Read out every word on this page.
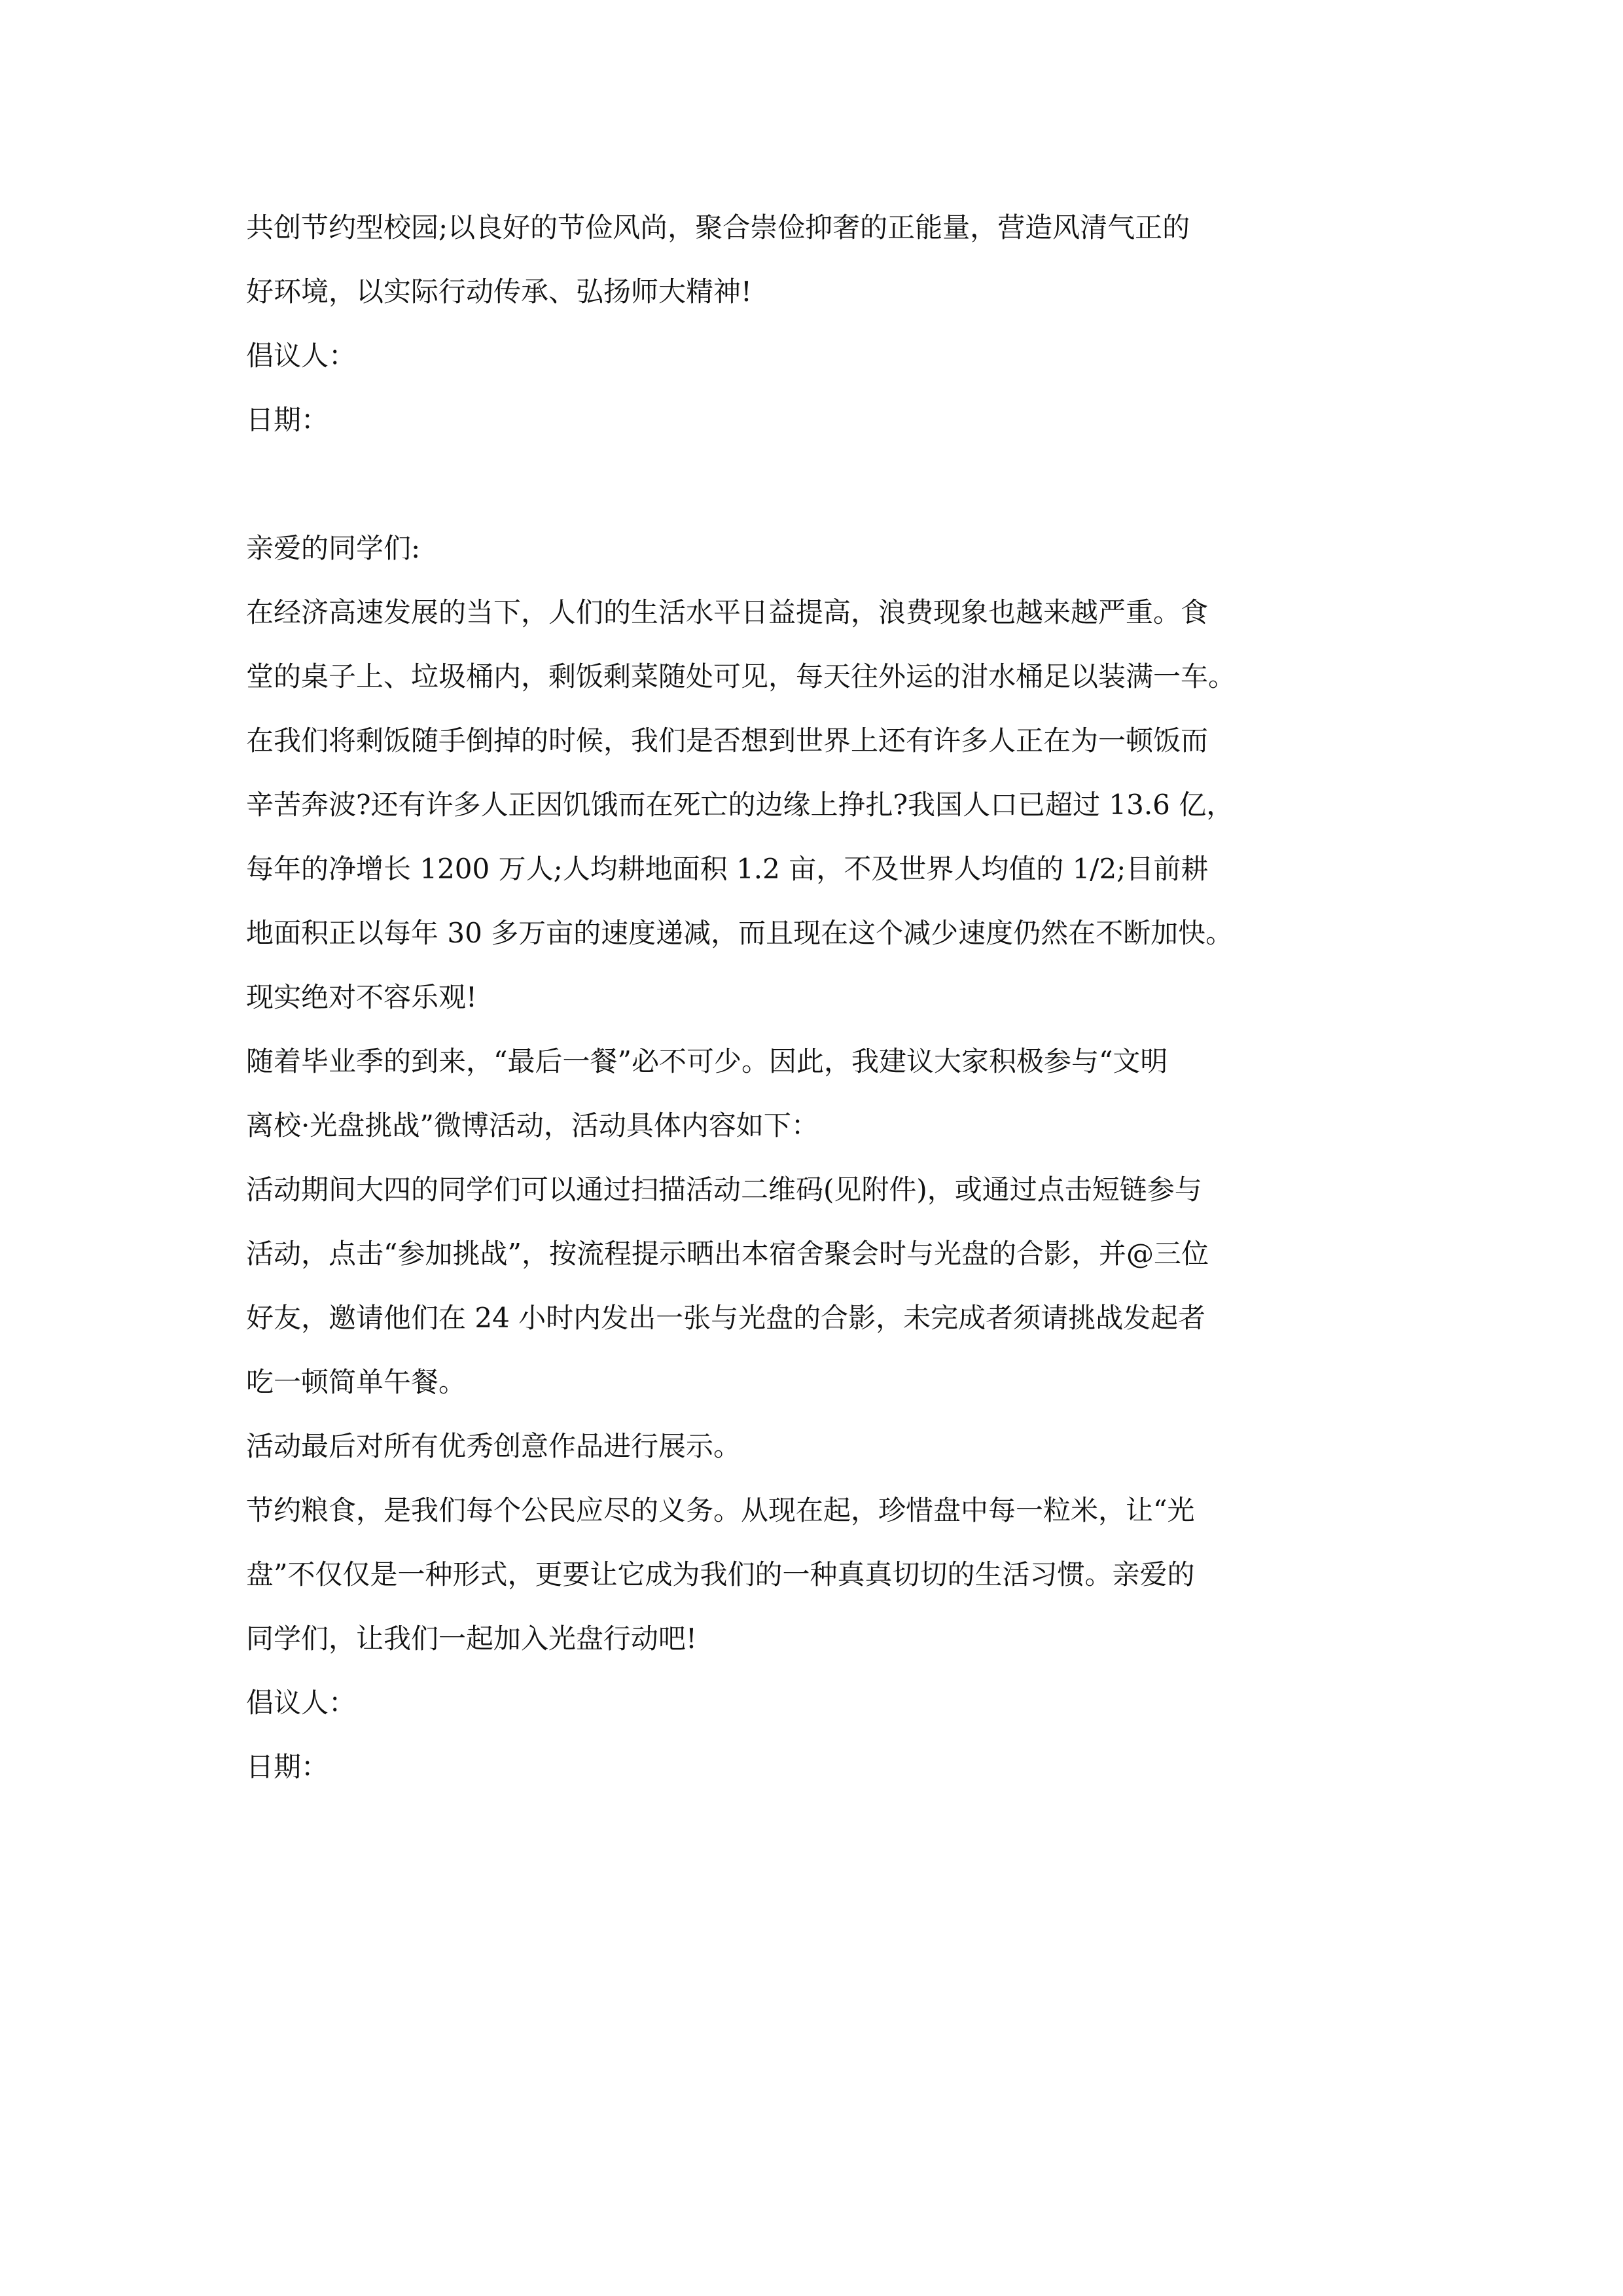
共创节约型校园;以良好的节俭风尚，聚合崇俭抑奢的正能量，营造风清气正的
好环境，以实际行动传承、弘扬师大精神!
倡议人：
日期：
亲爱的同学们:
在经济高速发展的当下，人们的生活水平日益提高，浪费现象也越来越严重。食
堂的桌子上、垃圾桶内，剩饭剩菜随处可见，每天往外运的泔水桶足以装满一车。
在我们将剩饭随手倒掉的时候，我们是否想到世界上还有许多人正在为一顿饭而
辛苦奔波?还有许多人正因饥饿而在死亡的边缘上挣扎?我国人口已超过 13.6 亿，
每年的净增长 1200 万人;人均耕地面积 1.2 亩，不及世界人均值的 1/2;目前耕
地面积正以每年 30 多万亩的速度递减，而且现在这个减少速度仍然在不断加快。
现实绝对不容乐观!
随着毕业季的到来，“最后一餐”必不可少。因此，我建议大家积极参与“文明
离校·光盘挑战”微博活动，活动具体内容如下：
活动期间大四的同学们可以通过扫描活动二维码(见附件)，或通过点击短链参与
活动，点击“参加挑战”，按流程提示晒出本宿舍聚会时与光盘的合影，并@三位
好友，邀请他们在 24 小时内发出一张与光盘的合影，未完成者须请挑战发起者
吃一顿简单午餐。
活动最后对所有优秀创意作品进行展示。
节约粮食，是我们每个公民应尽的义务。从现在起，珍惜盘中每一粒米，让“光
盘”不仅仅是一种形式，更要让它成为我们的一种真真切切的生活习惯。亲爱的
同学们，让我们一起加入光盘行动吧!
倡议人：
日期：
